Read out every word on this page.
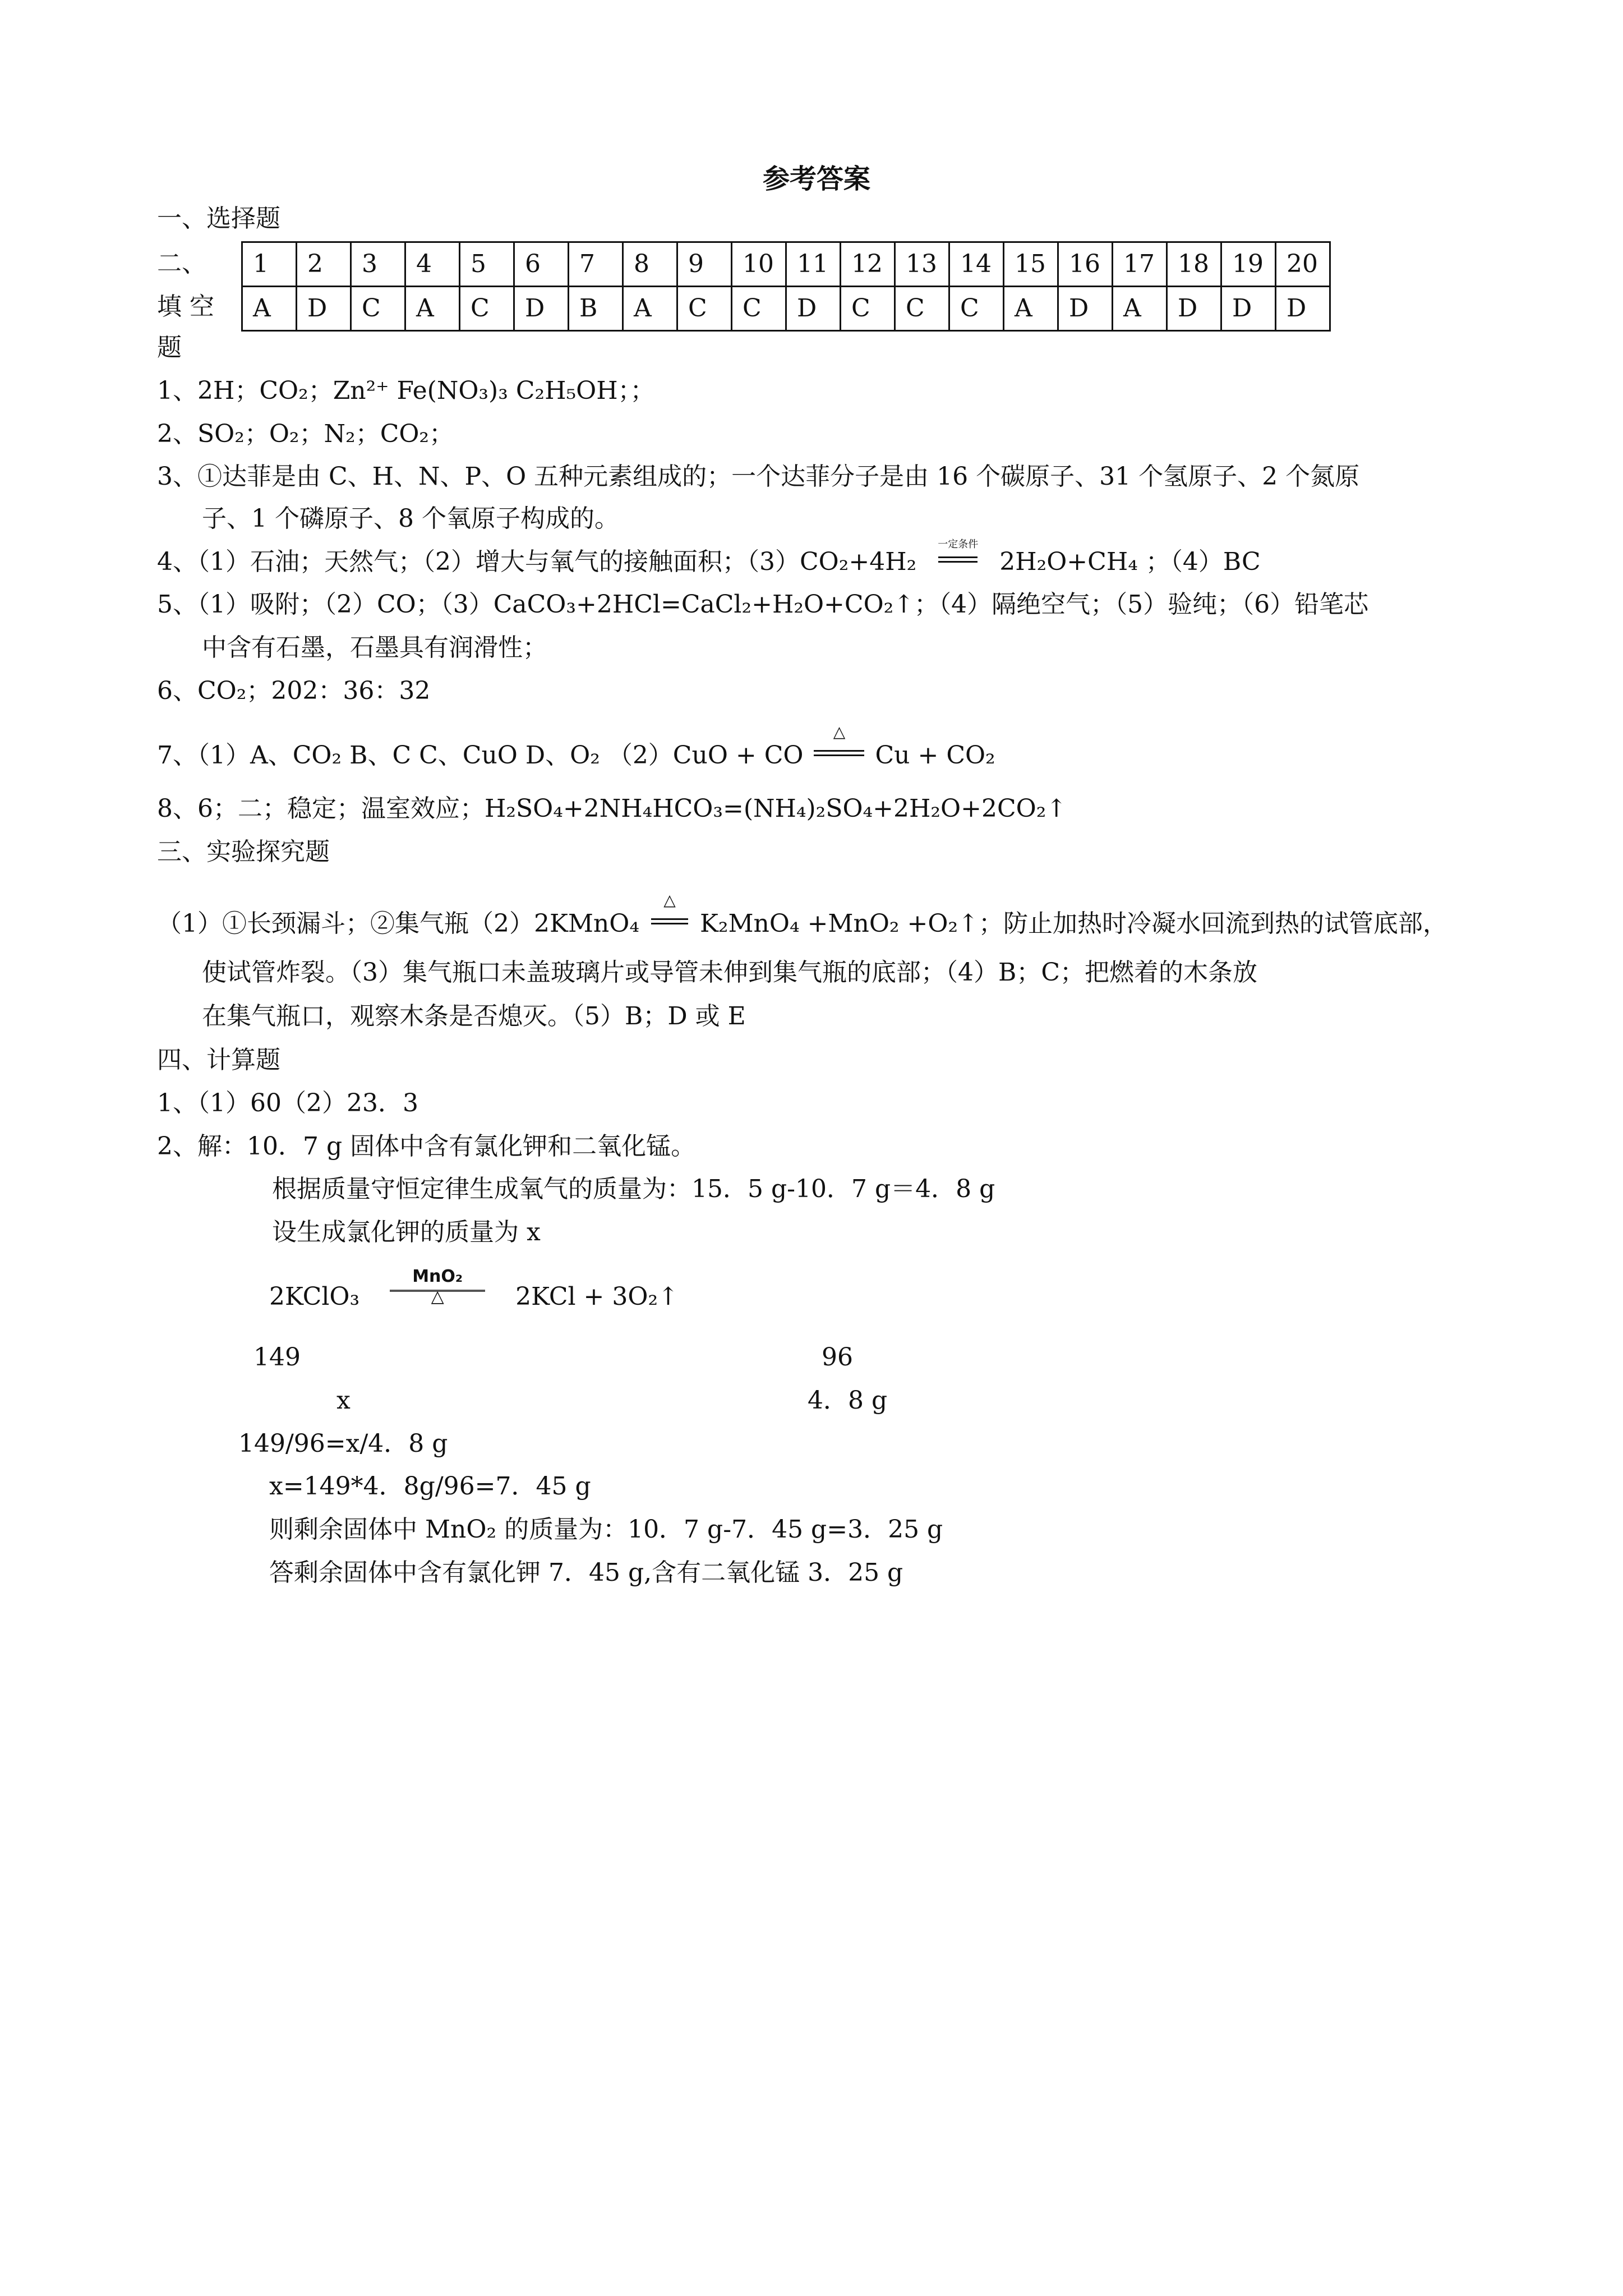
参考答案
一、选择题
二、
填 空
题
1	2	3	4	5	6	7	8	9	10	11	12	13	14	15	16	17	18	19	20
A	D	C	A	C	D	B	A	C	C	D	C	C	C	A	D	A	D	D	D
1、2H；CO₂；Zn²⁺ Fe(NO₃)₃ C₂H₅OH；；
2、SO₂；O₂；N₂；CO₂；
3、①达菲是由 C、H、N、P、O 五种元素组成的；一个达菲分子是由 16 个碳原子、31 个氢原子、2 个氮原
子、1 个磷原子、8 个氧原子构成的。
4、（1）石油；天然气；（2）增大与氧气的接触面积；（3）CO₂+4H₂
一定条件
2H₂O+CH₄ ；（4）BC
5、（1）吸附；（2）CO；（3）CaCO₃+2HCl=CaCl₂+H₂O+CO₂↑；（4）隔绝空气；（5）验纯；（6）铅笔芯
中含有石墨，石墨具有润滑性；
6、CO₂；202：36：32
7、（1）A、CO₂ B、C C、CuO D、O₂ （2）CuO + CO
△
Cu + CO₂
8、6；二；稳定；温室效应；H₂SO₄+2NH₄HCO₃=(NH₄)₂SO₄+2H₂O+2CO₂↑
三、实验探究题
（1）①长颈漏斗；②集气瓶（2）2KMnO₄
△
K₂MnO₄ +MnO₂ +O₂↑；防止加热时冷凝水回流到热的试管底部，
使试管炸裂。（3）集气瓶口未盖玻璃片或导管未伸到集气瓶的底部；（4）B；C；把燃着的木条放
在集气瓶口，观察木条是否熄灭。（5）B；D 或 E
四、计算题
1、（1）60（2）23．3
2、解：10．7 g 固体中含有氯化钾和二氧化锰。
根据质量守恒定律生成氧气的质量为：15．5 g-10．7 g＝4．8 g
设生成氯化钾的质量为 x
2KClO₃
MnO₂
△	2KCl + 3O₂↑
149	96
x	4．8 g
149/96=x/4．8 g
x=149*4．8g/96=7．45 g
则剩余固体中 MnO₂ 的质量为：10．7 g-7．45 g=3．25 g
答剩余固体中含有氯化钾 7．45 g,含有二氧化锰 3．25 g
